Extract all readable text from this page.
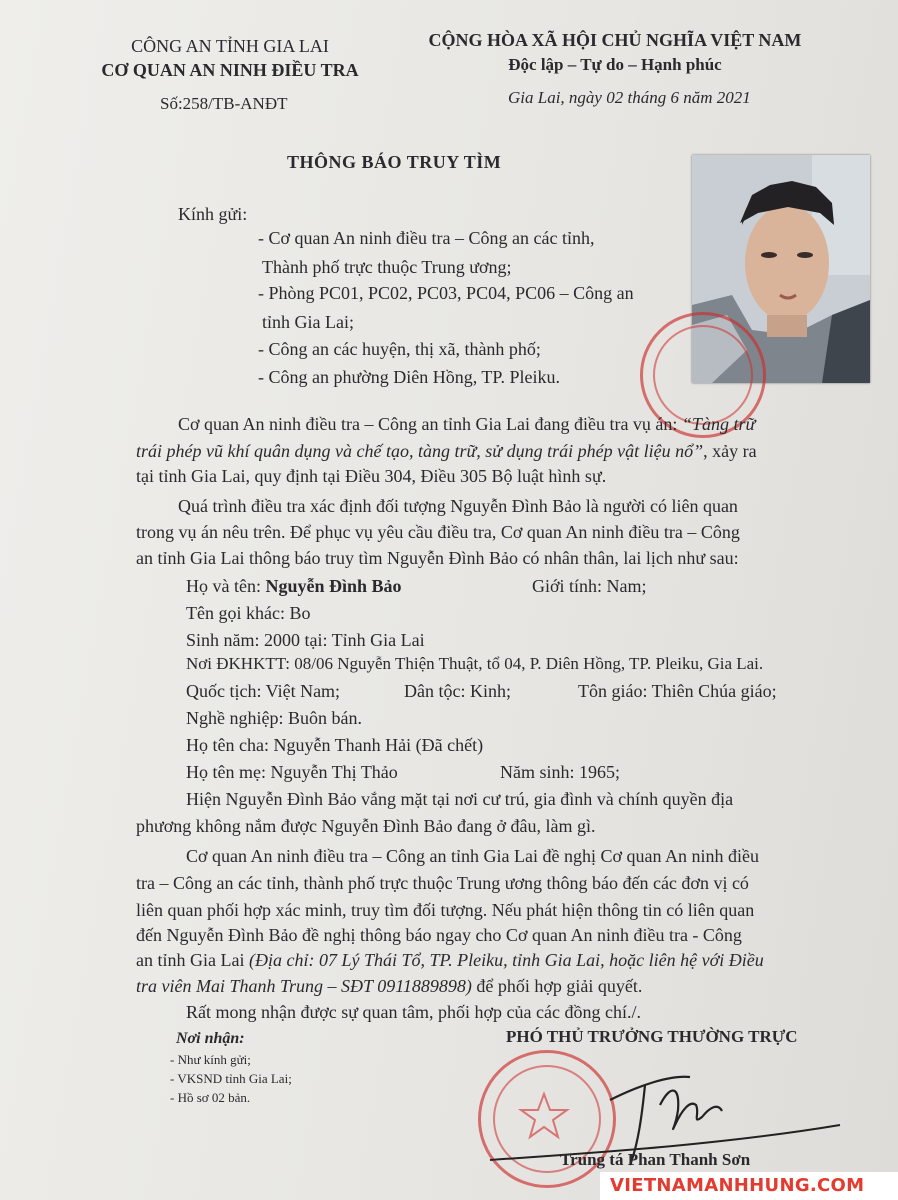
CÔNG AN TỈNH GIA LAI
CƠ QUAN AN NINH ĐIỀU TRA
Số:258/TB-ANĐT
CỘNG HÒA XÃ HỘI CHỦ NGHĨA VIỆT NAM
Độc lập – Tự do – Hạnh phúc
Gia Lai, ngày 02 tháng 6 năm 2021
THÔNG BÁO TRUY TÌM
Kính gửi:
- Cơ quan An ninh điều tra – Công an các tỉnh,
Thành phố trực thuộc Trung ương;
- Phòng PC01, PC02, PC03, PC04, PC06 – Công an
tỉnh Gia Lai;
- Công an các huyện, thị xã, thành phố;
- Công an phường Diên Hồng, TP. Pleiku.
Cơ quan An ninh điều tra – Công an tỉnh Gia Lai đang điều tra vụ án: “Tàng trữ
trái phép vũ khí quân dụng và chế tạo, tàng trữ, sử dụng trái phép vật liệu nổ”, xảy ra
tại tỉnh Gia Lai, quy định tại Điều 304, Điều 305 Bộ luật hình sự.
Quá trình điều tra xác định đối tượng Nguyễn Đình Bảo là người có liên quan
trong vụ án nêu trên. Để phục vụ yêu cầu điều tra, Cơ quan An ninh điều tra – Công
an tỉnh Gia Lai thông báo truy tìm Nguyễn Đình Bảo có nhân thân, lai lịch như sau:
Họ và tên: Nguyễn Đình Bảo	Giới tính: Nam;
Tên gọi khác: Bo
Sinh năm: 2000 tại: Tỉnh Gia Lai
Nơi ĐKHKTT: 08/06 Nguyễn Thiện Thuật, tổ 04, P. Diên Hồng, TP. Pleiku, Gia Lai.
Quốc tịch: Việt Nam;	Dân tộc: Kinh;	Tôn giáo: Thiên Chúa giáo;
Nghề nghiệp: Buôn bán.
Họ tên cha: Nguyễn Thanh Hải (Đã chết)
Họ tên mẹ: Nguyễn Thị Thảo	Năm sinh: 1965;
Hiện Nguyễn Đình Bảo vắng mặt tại nơi cư trú, gia đình và chính quyền địa
phương không nắm được Nguyễn Đình Bảo đang ở đâu, làm gì.
Cơ quan An ninh điều tra – Công an tỉnh Gia Lai đề nghị Cơ quan An ninh điều
tra – Công an các tỉnh, thành phố trực thuộc Trung ương thông báo đến các đơn vị có
liên quan phối hợp xác minh, truy tìm đối tượng. Nếu phát hiện thông tin có liên quan
đến Nguyễn Đình Bảo đề nghị thông báo ngay cho Cơ quan An ninh điều tra - Công
an tỉnh Gia Lai (Địa chỉ: 07 Lý Thái Tổ, TP. Pleiku, tỉnh Gia Lai, hoặc liên hệ với Điều
tra viên Mai Thanh Trung – SĐT 0911889898) để phối hợp giải quyết.
Rất mong nhận được sự quan tâm, phối hợp của các đồng chí./.
Nơi nhận:
- Như kính gửi;
- VKSND tỉnh Gia Lai;
- Hồ sơ 02 bản.
PHÓ THỦ TRƯỞNG THƯỜNG TRỰC
Trung tá Phan Thanh Sơn
VIETNAMANHHUNG.COM
